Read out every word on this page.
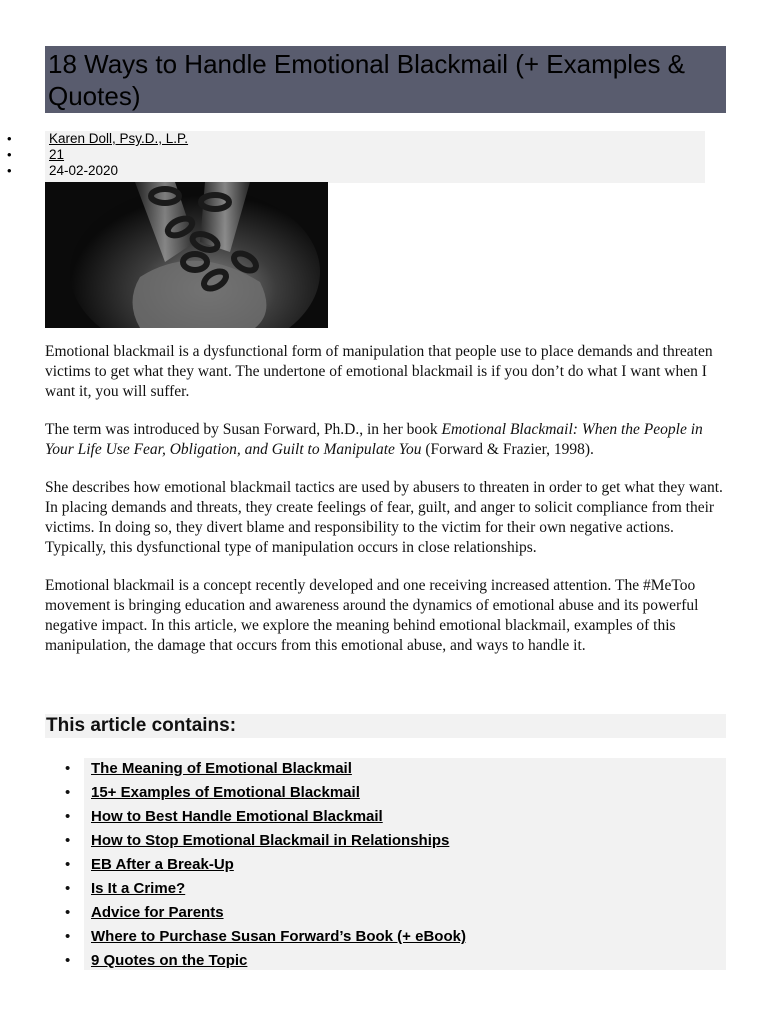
18 Ways to Handle Emotional Blackmail (+ Examples & Quotes)
• Karen Doll, Psy.D., L.P.
• 21
• 24-02-2020

Emotional blackmail is a dysfunctional form of manipulation that people use to place demands and threaten victims to get what they want. The undertone of emotional blackmail is if you don’t do what I want when I want it, you will suffer.

The term was introduced by Susan Forward, Ph.D., in her book Emotional Blackmail: When the People in Your Life Use Fear, Obligation, and Guilt to Manipulate You (Forward & Frazier, 1998).

She describes how emotional blackmail tactics are used by abusers to threaten in order to get what they want. In placing demands and threats, they create feelings of fear, guilt, and anger to solicit compliance from their victims. In doing so, they divert blame and responsibility to the victim for their own negative actions. Typically, this dysfunctional type of manipulation occurs in close relationships.

Emotional blackmail is a concept recently developed and one receiving increased attention. The #MeToo movement is bringing education and awareness around the dynamics of emotional abuse and its powerful negative impact. In this article, we explore the meaning behind emotional blackmail, examples of this manipulation, the damage that occurs from this emotional abuse, and ways to handle it.

This article contains:
• The Meaning of Emotional Blackmail
• 15+ Examples of Emotional Blackmail
• How to Best Handle Emotional Blackmail
• How to Stop Emotional Blackmail in Relationships
• EB After a Break-Up
• Is It a Crime?
• Advice for Parents
• Where to Purchase Susan Forward’s Book (+ eBook)
• 9 Quotes on the Topic
